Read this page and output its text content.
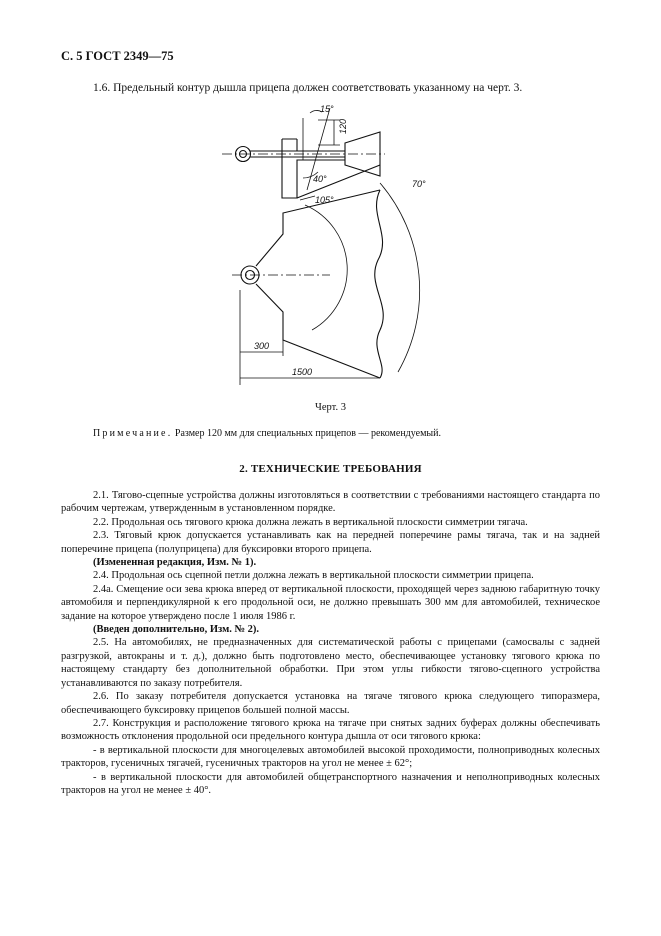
С. 5 ГОСТ 2349—75
1.6. Предельный контур дышла прицепа должен соответствовать указанному на черт. 3.
15°
120
40°	70°
105°
300
1500
Черт. 3
Примечание. Размер 120 мм для специальных прицепов — рекомендуемый.
2. ТЕХНИЧЕСКИЕ ТРЕБОВАНИЯ

2.1. Тягово-сцепные устройства должны изготовляться в соответствии с требованиями настоящего стандарта по рабочим чертежам, утвержденным в установленном порядке.

2.2. Продольная ось тягового крюка должна лежать в вертикальной плоскости симметрии тягача.

2.3. Тяговый крюк допускается устанавливать как на передней поперечине рамы тягача, так и на задней поперечине прицепа (полуприцепа) для буксировки второго прицепа.

(Измененная редакция, Изм. № 1).

2.4. Продольная ось сцепной петли должна лежать в вертикальной плоскости симметрии прицепа.

2.4а. Смещение оси зева крюка вперед от вертикальной плоскости, проходящей через заднюю габаритную точку автомобиля и перпендикулярной к его продольной оси, не должно превышать 300 мм для автомобилей, техническое задание на которое утверждено после 1 июля 1986 г.

(Введен дополнительно, Изм. № 2).

2.5. На автомобилях, не предназначенных для систематической работы с прицепами (самосвалы с задней разгрузкой, автокраны и т. д.), должно быть подготовлено место, обеспечивающее установку тягового крюка по настоящему стандарту без дополнительной обработки. При этом углы гибкости тягово-сцепного устройства устанавливаются по заказу потребителя.

2.6. По заказу потребителя допускается установка на тягаче тягового крюка следующего типоразмера, обеспечивающего буксировку прицепов большей полной массы.

2.7. Конструкция и расположение тягового крюка на тягаче при снятых задних буферах должны обеспечивать возможность отклонения продольной оси предельного контура дышла от оси тягового крюка:

- в вертикальной плоскости для многоцелевых автомобилей высокой проходимости, полноприводных колесных тракторов, гусеничных тягачей, гусеничных тракторов на угол не менее ± 62°;

- в вертикальной плоскости для автомобилей общетранспортного назначения и неполноприводных колесных тракторов на угол не менее ± 40°.
